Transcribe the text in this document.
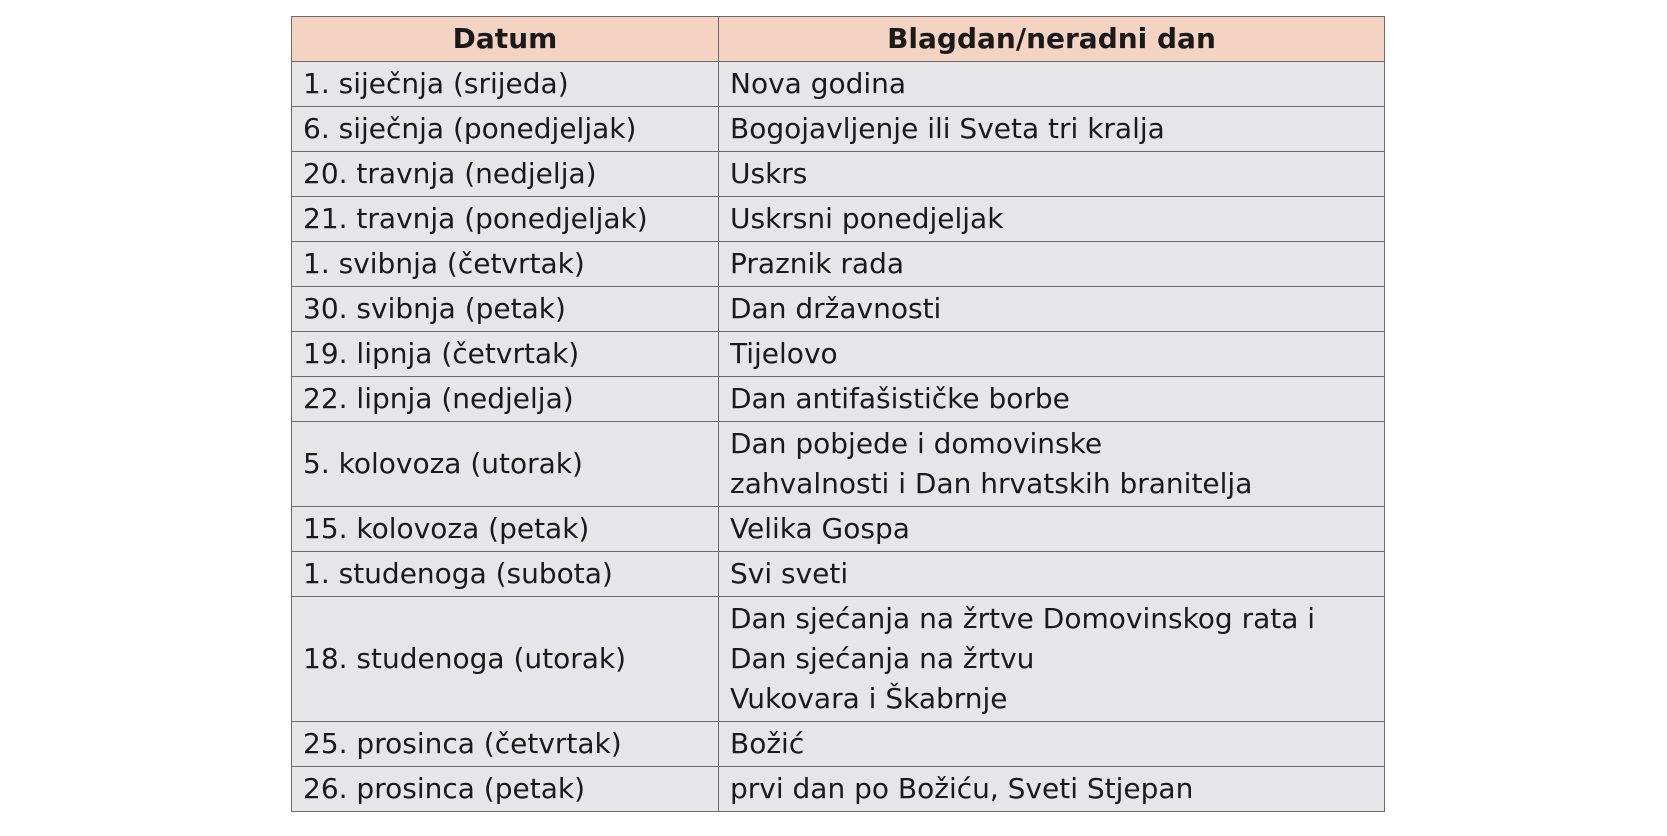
Datum	Blagdan/neradni dan
1. siječnja (srijeda)	Nova godina

6. siječnja (ponedjeljak)	Bogojavljenje ili Sveta tri kralja

20. travnja (nedjelja)	Uskrs

21. travnja (ponedjeljak)	Uskrsni ponedjeljak

1. svibnja (četvrtak)	Praznik rada

30. svibnja (petak)	Dan državnosti

19. lipnja (četvrtak)	Tijelovo

22. lipnja (nedjelja)	Dan antifašističke borbe

5. kolovoza (utorak)	Dan pobjede i domovinske
zahvalnosti i Dan hrvatskih branitelja

15. kolovoza (petak)	Velika Gospa

1. studenoga (subota)	Svi sveti

18. studenoga (utorak)	Dan sjećanja na žrtve Domovinskog rata i
Dan sjećanja na žrtvu
Vukovara i Škabrnje

25. prosinca (četvrtak)	Božić

26. prosinca (petak)	prvi dan po Božiću, Sveti Stjepan
